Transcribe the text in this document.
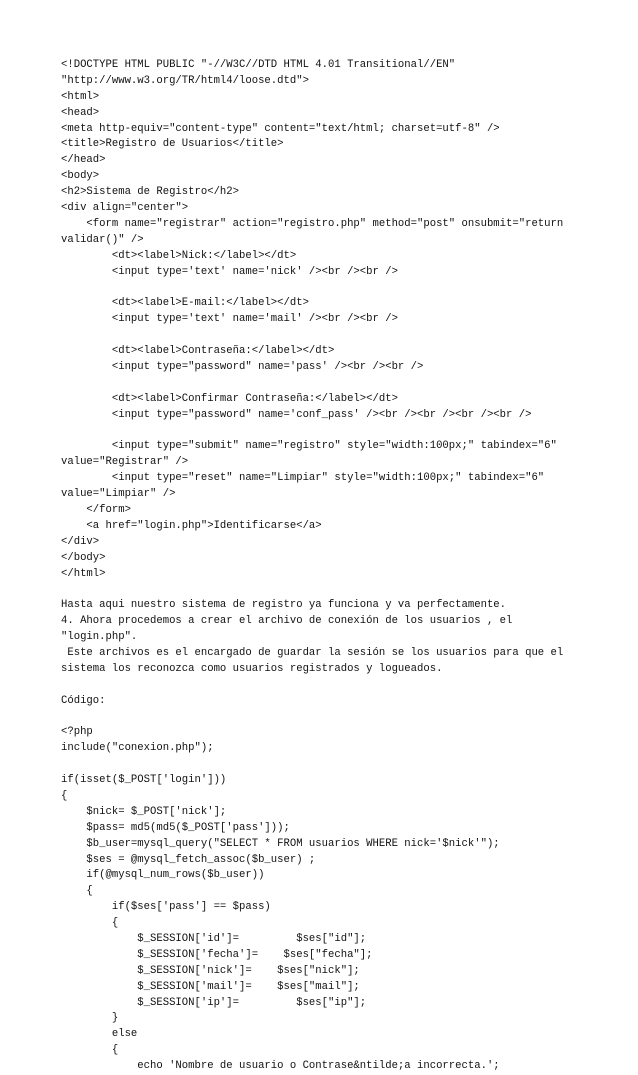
<!DOCTYPE HTML PUBLIC "-//W3C//DTD HTML 4.01 Transitional//EN"
"http://www.w3.org/TR/html4/loose.dtd">
<html>
<head>
<meta http-equiv="content-type" content="text/html; charset=utf-8" />
<title>Registro de Usuarios</title>
</head>
<body>
<h2>Sistema de Registro</h2>
<div align="center">
<form name="registrar" action="registro.php" method="post" onsubmit="return
validar()" />
<dt><label>Nick:</label></dt>
<input type='text' name='nick' /><br /><br />
<dt><label>E-mail:</label></dt>
<input type='text' name='mail' /><br /><br />
<dt><label>Contraseña:</label></dt>
<input type="password" name='pass' /><br /><br />
<dt><label>Confirmar Contraseña:</label></dt>
<input type="password" name='conf_pass' /><br /><br /><br /><br />
<input type="submit" name="registro" style="width:100px;" tabindex="6"
value="Registrar" />
<input type="reset" name="Limpiar" style="width:100px;" tabindex="6"
value="Limpiar" />
</form>
<a href="login.php">Identificarse</a>
</div>
</body>
</html>
Hasta aqui nuestro sistema de registro ya funciona y va perfectamente.
4. Ahora procedemos a crear el archivo de conexión de los usuarios , el
"login.php".
Este archivos es el encargado de guardar la sesión se los usuarios para que el
sistema los reconozca como usuarios registrados y logueados.
Código:
<?php
include("conexion.php");
if(isset($_POST['login']))
{
$nick= $_POST['nick'];
$pass= md5(md5($_POST['pass']));
$b_user=mysql_query("SELECT * FROM usuarios WHERE nick='$nick'");
$ses = @mysql_fetch_assoc($b_user) ;
if(@mysql_num_rows($b_user))
{
if($ses['pass'] == $pass)
{
$_SESSION['id']=         $ses["id"];
$_SESSION['fecha']=    $ses["fecha"];
$_SESSION['nick']=    $ses["nick"];
$_SESSION['mail']=    $ses["mail"];
$_SESSION['ip']=         $ses["ip"];
}
else
{
echo 'Nombre de usuario o Contrase&ntilde;a incorrecta.';
